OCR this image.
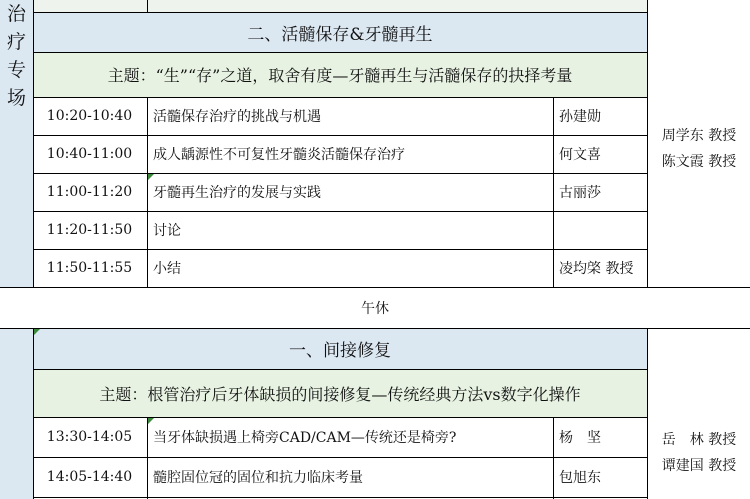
治
疗
专
场
二、活髓保存&牙髓再生
主题：“生”“存”之道，取舍有度—牙髓再生与活髓保存的抉择考量
10:20-10:40	活髓保存治疗的挑战与机遇	孙建勋
10:40-11:00	成人龋源性不可复性牙髓炎活髓保存治疗	何文喜
11:00-11:20	牙髓再生治疗的发展与实践	古丽莎
11:20-11:50	讨论
11:50-11:55	小结	凌均棨 教授
周学东 教授
陈文霞 教授
午休
一、间接修复
主题：根管治疗后牙体缺损的间接修复—传统经典方法vs数字化操作
13:30-14:05	当牙体缺损遇上椅旁CAD/CAM—传统还是椅旁?	杨　坚
14:05-14:40	髓腔固位冠的固位和抗力临床考量	包旭东
岳　林 教授
谭建国 教授
